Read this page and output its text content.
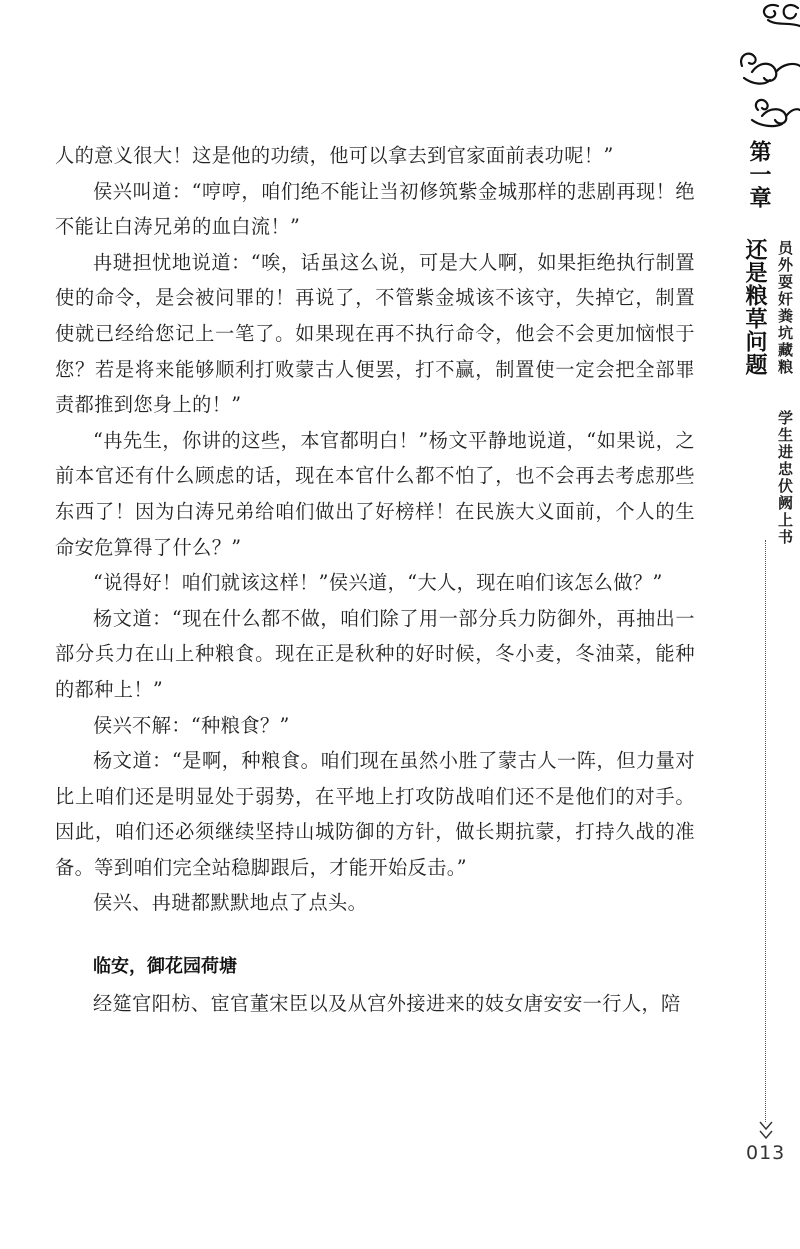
人的意义很大！这是他的功绩，他可以拿去到官家面前表功呢！”

侯兴叫道：“哼哼，咱们绝不能让当初修筑紫金城那样的悲剧再现！绝不能让白涛兄弟的血白流！”

冉琎担忧地说道：“唉，话虽这么说，可是大人啊，如果拒绝执行制置使的命令，是会被问罪的！再说了，不管紫金城该不该守，失掉它，制置使就已经给您记上一笔了。如果现在再不执行命令，他会不会更加恼恨于您？若是将来能够顺利打败蒙古人便罢，打不赢，制置使一定会把全部罪责都推到您身上的！”

“冉先生，你讲的这些，本官都明白！”杨文平静地说道，“如果说，之前本官还有什么顾虑的话，现在本官什么都不怕了，也不会再去考虑那些东西了！因为白涛兄弟给咱们做出了好榜样！在民族大义面前，个人的生命安危算得了什么？”

“说得好！咱们就该这样！”侯兴道，“大人，现在咱们该怎么做？”

杨文道：“现在什么都不做，咱们除了用一部分兵力防御外，再抽出一部分兵力在山上种粮食。现在正是秋种的好时候，冬小麦，冬油菜，能种的都种上！”

侯兴不解：“种粮食？”

杨文道：“是啊，种粮食。咱们现在虽然小胜了蒙古人一阵，但力量对比上咱们还是明显处于弱势，在平地上打攻防战咱们还不是他们的对手。因此，咱们还必须继续坚持山城防御的方针，做长期抗蒙，打持久战的准备。等到咱们完全站稳脚跟后，才能开始反击。”

侯兴、冉琎都默默地点了点头。

临安，御花园荷塘

经筵官阳枋、宦官董宋臣以及从宫外接进来的妓女唐安安一行人，陪

第一章
还是粮草问题 员外耍奸粪坑藏粮
学生进忠伏阙上书
013
